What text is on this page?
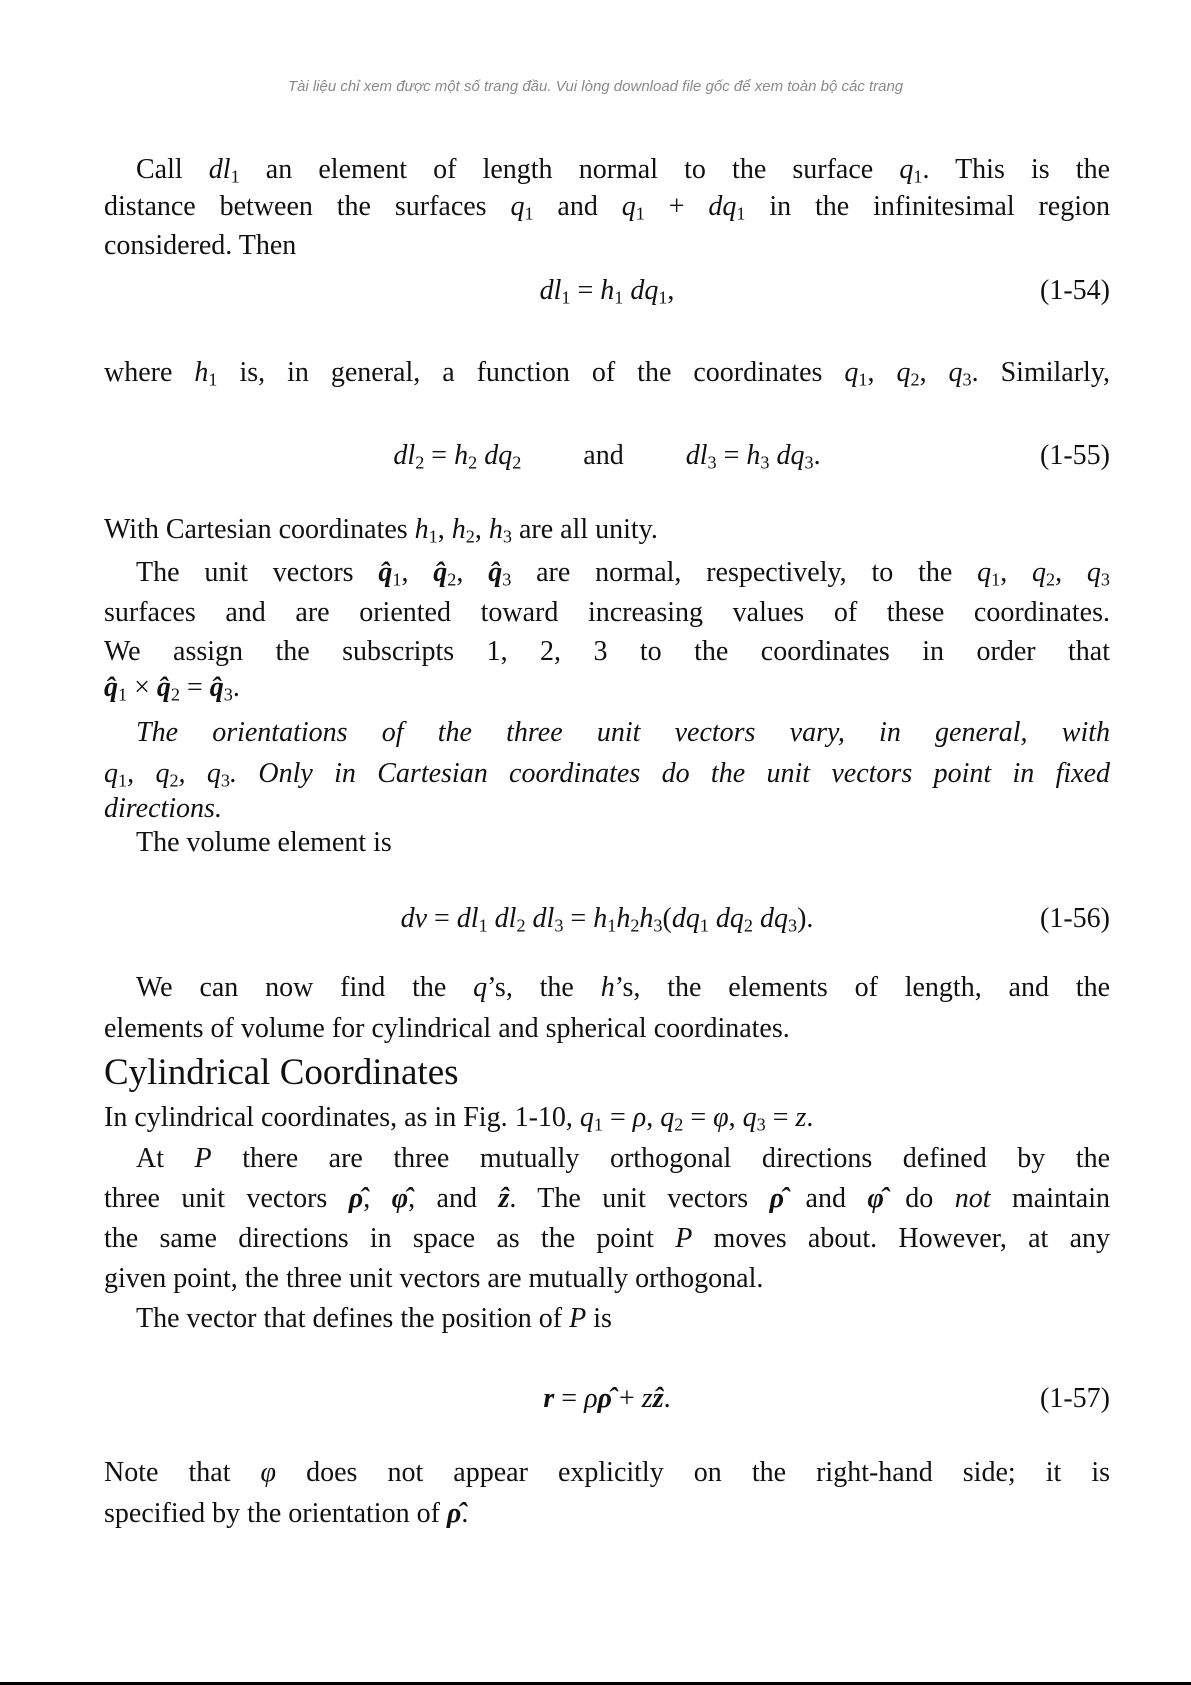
Tài liệu chỉ xem được một số trang đầu. Vui lòng download file gốc để xem toàn bộ các trang
Call $dl_1$ an element of length normal to the surface $q_1$. This is the
distance between the surfaces $q_1$ and $q_1 + dq_1$ in the infinitesimal region
considered. Then
$dl_1 = h_1$ $dq_1$,	(1-54)
where $h_1$ is, in general, a function of the coordinates $q_1$, $q_2$, $q_3$. Similarly,
$dl_2 = h_2$ $dq_2$ and $dl_3 = h_3$ $dq_3$.	(1-55)
With Cartesian coordinates $h_1$, $h_2$, $h_3$ are all unity.
The unit vectors $q̂_1$, $q̂_2$, $q̂_3$ are normal, respectively, to the $q_1$, $q_2$, $q_3$
surfaces and are oriented toward increasing values of these coordinates.
We assign the subscripts 1, 2, 3 to the coordinates in order that
$q̂_1$ × $q̂_2$ = $q̂_3$.
The orientations of the three unit vectors vary, in general, with
$q_1$, $q_2$, $q_3$. Only in Cartesian coordinates do the unit vectors point in fixed
directions.
The volume element is
dv = $dl_1$ $dl_2$ $dl_3 = h_1h_2h_3(dq_1$ $dq_2$ $dq_3$).	(1-56)
We can now find the q’s, the h’s, the elements of length, and the
elements of volume for cylindrical and spherical coordinates.
Cylindrical Coordinates
In cylindrical coordinates, as in Fig. 1-10, $q_1 = \rho$, $q_2 = \varphi$, $q_3 = z$.
At P there are three mutually orthogonal directions defined by the
three unit vectors ρ̂, φ̂, and ẑ. The unit vectors ρ̂ and φ̂ do not maintain
the same directions in space as the point P moves about. However, at any
given point, the three unit vectors are mutually orthogonal.
The vector that defines the position of P is
r = ρρ̂ + zẑ.	(1-57)
Note that φ does not appear explicitly on the right-hand side; it is
specified by the orientation of ρ̂.
